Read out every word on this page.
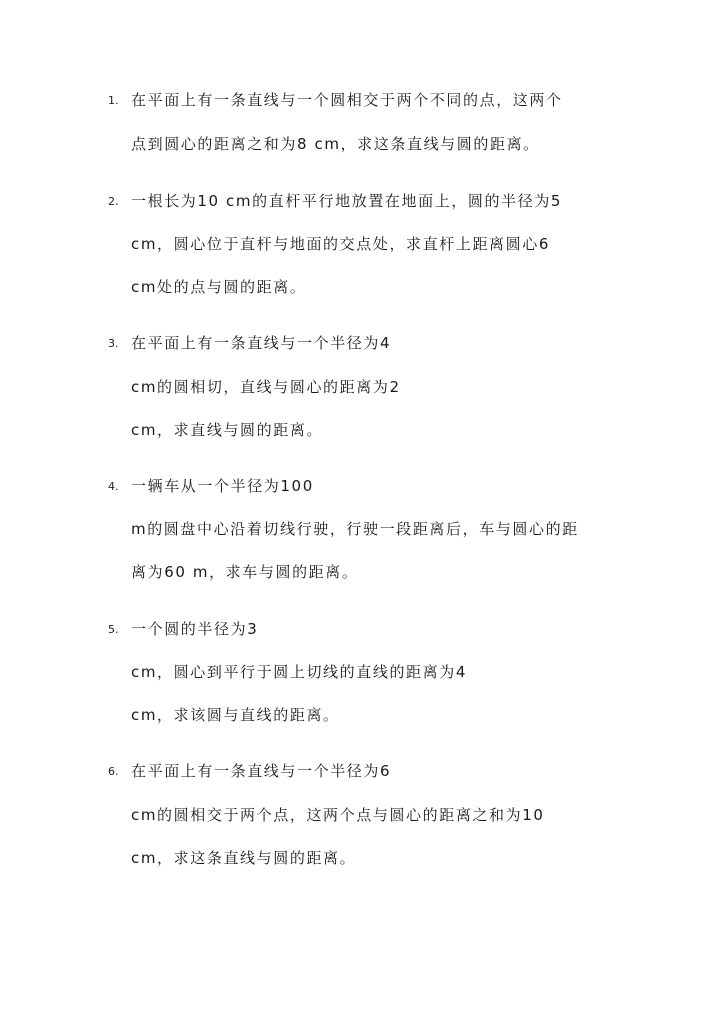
1. 在平面上有一条直线与一个圆相交于两个不同的点，这两个
点到圆心的距离之和为8 cm，求这条直线与圆的距离。
2. 一根长为10 cm的直杆平行地放置在地面上，圆的半径为5
cm，圆心位于直杆与地面的交点处，求直杆上距离圆心6
cm处的点与圆的距离。
3. 在平面上有一条直线与一个半径为4
cm的圆相切，直线与圆心的距离为2
cm，求直线与圆的距离。
4. 一辆车从一个半径为100
m的圆盘中心沿着切线行驶，行驶一段距离后，车与圆心的距
离为60 m，求车与圆的距离。
5. 一个圆的半径为3
cm，圆心到平行于圆上切线的直线的距离为4
cm，求该圆与直线的距离。
6. 在平面上有一条直线与一个半径为6
cm的圆相交于两个点，这两个点与圆心的距离之和为10
cm，求这条直线与圆的距离。
